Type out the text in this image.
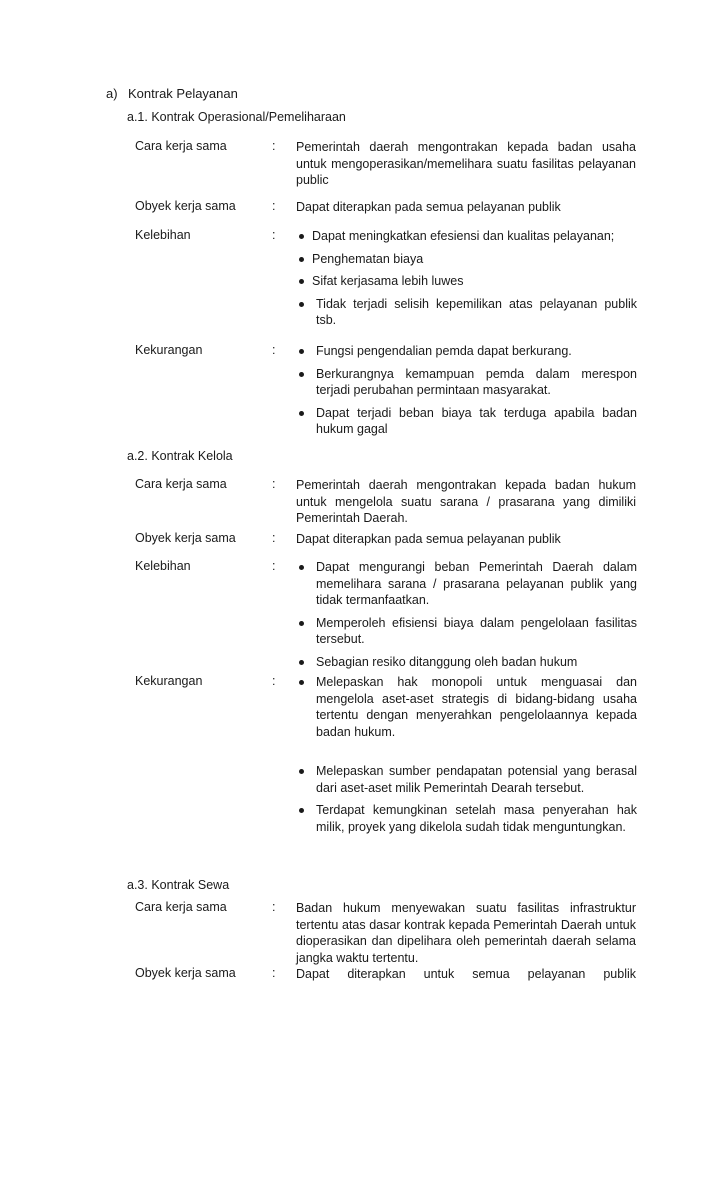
a) Kontrak Pelayanan
a.1. Kontrak Operasional/Pemeliharaan
Cara kerja sama	: Pemerintah daerah mengontrakan kepada badan usaha untuk mengoperasikan/memelihara suatu fasilitas pelayanan public
Obyek kerja sama	: Dapat diterapkan pada semua pelayanan publik
Kelebihan	:	Dapat meningkatkan efesiensi dan kualitas pelayanan;
Penghematan biaya
Sifat kerjasama lebih luwes
Tidak terjadi selisih kepemilikan atas pelayanan publik tsb.
Kekurangan	:	Fungsi pengendalian pemda dapat berkurang.
Berkurangnya kemampuan pemda dalam merespon terjadi perubahan permintaan masyarakat.
Dapat terjadi beban biaya tak terduga apabila badan hukum gagal
a.2. Kontrak Kelola
Cara kerja sama	: Pemerintah daerah mengontrakan kepada badan hukum untuk mengelola suatu sarana / prasarana yang dimiliki Pemerintah Daerah.
Obyek kerja sama	: Dapat diterapkan pada semua pelayanan publik
Kelebihan	:	Dapat mengurangi beban Pemerintah Daerah dalam memelihara sarana / prasarana pelayanan publik yang tidak termanfaatkan.
Memperoleh efisiensi biaya dalam pengelolaan fasilitas tersebut.
Sebagian resiko ditanggung oleh badan hukum
Kekurangan	:	Melepaskan hak monopoli untuk menguasai dan mengelola aset-aset strategis di bidang-bidang usaha tertentu dengan menyerahkan pengelolaannya kepada badan hukum.
Melepaskan sumber pendapatan potensial yang berasal dari aset-aset milik Pemerintah Dearah tersebut.
Terdapat kemungkinan setelah masa penyerahan hak milik, proyek yang dikelola sudah tidak menguntungkan.
a.3. Kontrak Sewa
Cara kerja sama	: Badan hukum menyewakan suatu fasilitas infrastruktur tertentu atas dasar kontrak kepada Pemerintah Daerah untuk dioperasikan dan dipelihara oleh pemerintah daerah selama jangka waktu tertentu.
Obyek kerja sama	: Dapat diterapkan untuk semua pelayanan publik
